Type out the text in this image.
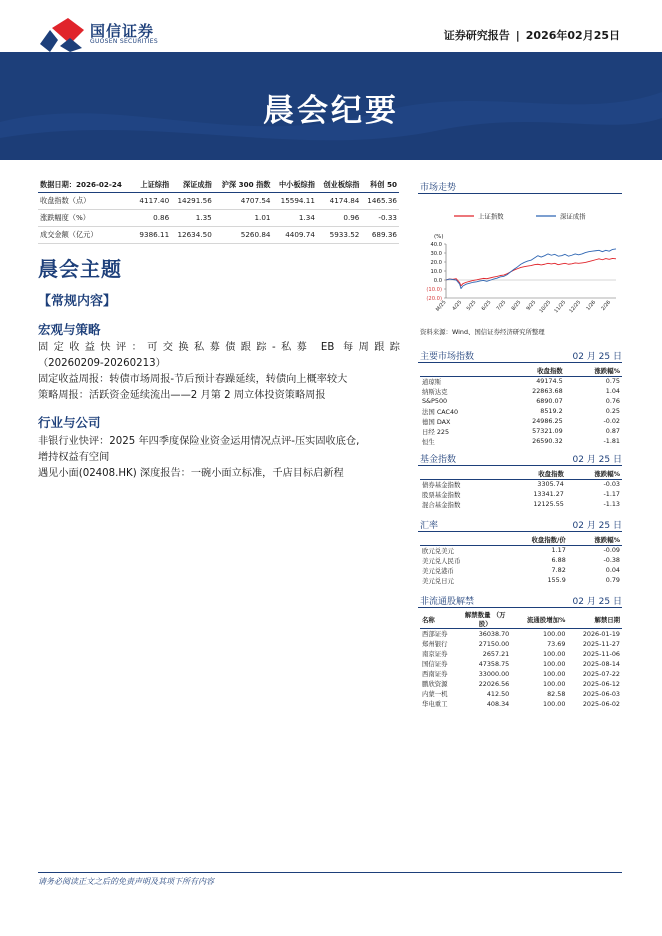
国信证券
GUOSEN SECURITIES	证券研究报告 | 2026年02月25日
晨会纪要
数据日期：2026-02-24	上证综指	深证成指	沪深 300 指数	中小板综指	创业板综指	科创 50
收盘指数（点）	4117.40	14291.56	4707.54	15594.11	4174.84	1465.36
涨跌幅度（%）	0.86	1.35	1.01	1.34	0.96	-0.33
成交金额（亿元）	9386.11	12634.50	5260.84	4409.74	5933.52	689.36
晨会主题
【常规内容】
宏观与策略
固定收益快评：可交换私募债跟踪-私募 EB 每周跟踪
（20260209-20260213）
固定收益周报：转债市场周报-节后预计春躁延续，转债向上概率较大
策略周报：活跃资金延续流出——2 月第 2 周立体投资策略周报
行业与公司
非银行业快评：2025 年四季度保险业资金运用情况点评-压实固收底仓,
增持权益有空间
遇见小面(02408.HK) 深度报告：一碗小面立标准，千店目标启新程
市场走势
上证指数	深证成指
(%)
40.0
30.0
20.0
10.0
0.0
(10.0)
(20.0)
M/25 4/25 5/25 6/25 7/25 8/25 9/25 10/25 11/25 12/25 1/26 2/26
资料来源：Wind、国信证券经济研究所整理
主要市场指数	02 月 25 日
	收盘指数	涨跌幅%
道琼斯	49174.5	0.75
纳斯达克	22863.68	1.04
S&P500	6890.07	0.76
法国 CAC40	8519.2	0.25
德国 DAX	24986.25	-0.02
日经 225	57321.09	0.87
恒生	26590.32	-1.81
基金指数	02 月 25 日
	收盘指数	涨跌幅%
债券基金指数	3305.74	-0.03
股票基金指数	13341.27	-1.17
混合基金指数	12125.55	-1.13
汇率	02 月 25 日
	收盘指数/价	涨跌幅%
欧元兑美元	1.17	-0.09
美元兑人民币	6.88	-0.38
美元兑港币	7.82	0.04
美元兑日元	155.9	0.79
非流通股解禁	02 月 25 日
名称	解禁数量 （万股）	流通股增加%	解禁日期
西部证券	36038.70	100.00	2026-01-19
郑州银行	27150.00	73.69	2025-11-27
南京证券	2657.21	100.00	2025-11-06
国信证券	47358.75	100.00	2025-08-14
西南证券	33000.00	100.00	2025-07-22
鹏欣资源	22026.56	100.00	2025-06-12
内蒙一机	412.50	82.58	2025-06-03
华电重工	408.34	100.00	2025-06-02
请务必阅读正文之后的免责声明及其项下所有内容
